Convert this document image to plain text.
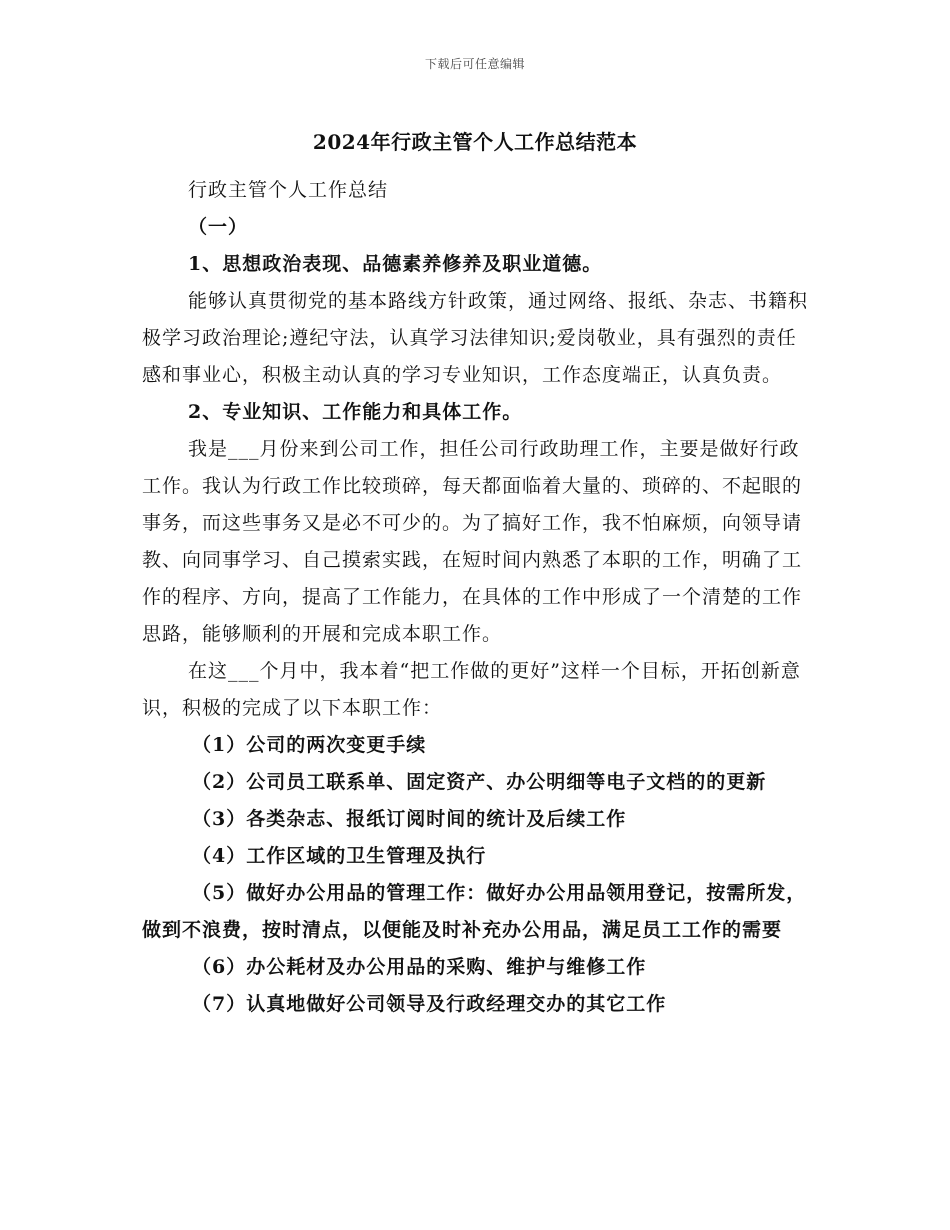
下载后可任意编辑
2024年行政主管个人工作总结范本

行政主管个人工作总结

（一）

1、思想政治表现、品德素养修养及职业道德。

能够认真贯彻党的基本路线方针政策，通过网络、报纸、杂志、书籍积极学习政治理论;遵纪守法，认真学习法律知识;爱岗敬业，具有强烈的责任感和事业心，积极主动认真的学习专业知识，工作态度端正，认真负责。

2、专业知识、工作能力和具体工作。

我是___月份来到公司工作，担任公司行政助理工作，主要是做好行政工作。我认为行政工作比较琐碎，每天都面临着大量的、琐碎的、不起眼的事务，而这些事务又是必不可少的。为了搞好工作，我不怕麻烦，向领导请教、向同事学习、自己摸索实践，在短时间内熟悉了本职的工作，明确了工作的程序、方向，提高了工作能力，在具体的工作中形成了一个清楚的工作思路，能够顺利的开展和完成本职工作。

在这___个月中，我本着“把工作做的更好”这样一个目标，开拓创新意识，积极的完成了以下本职工作：

（1）公司的两次变更手续

（2）公司员工联系单、固定资产、办公明细等电子文档的的更新

（3）各类杂志、报纸订阅时间的统计及后续工作

（4）工作区域的卫生管理及执行

（5）做好办公用品的管理工作：做好办公用品领用登记，按需所发，做到不浪费，按时清点，以便能及时补充办公用品，满足员工工作的需要

（6）办公耗材及办公用品的采购、维护与维修工作

（7）认真地做好公司领导及行政经理交办的其它工作
